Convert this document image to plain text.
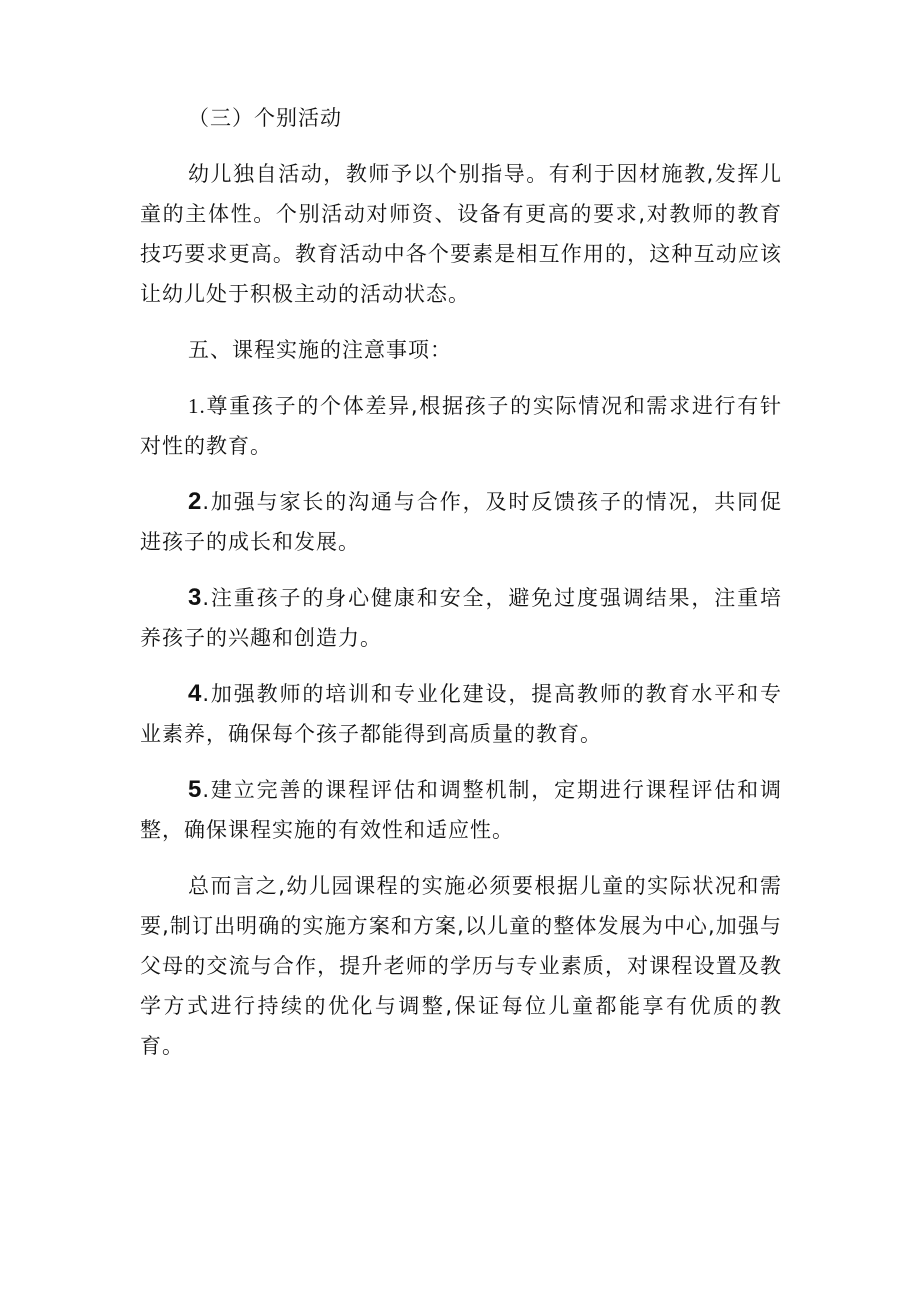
（三）个别活动

幼儿独自活动，教师予以个别指导。有利于因材施教,发挥儿童的主体性。个别活动对师资、设备有更高的要求,对教师的教育技巧要求更高。教育活动中各个要素是相互作用的，这种互动应该让幼儿处于积极主动的活动状态。

五、课程实施的注意事项：

1.尊重孩子的个体差异,根据孩子的实际情况和需求进行有针对性的教育。

2.加强与家长的沟通与合作，及时反馈孩子的情况，共同促进孩子的成长和发展。

3.注重孩子的身心健康和安全，避免过度强调结果，注重培养孩子的兴趣和创造力。

4.加强教师的培训和专业化建设，提高教师的教育水平和专业素养，确保每个孩子都能得到高质量的教育。

5.建立完善的课程评估和调整机制，定期进行课程评估和调整，确保课程实施的有效性和适应性。

总而言之,幼儿园课程的实施必须要根据儿童的实际状况和需要,制订出明确的实施方案和方案,以儿童的整体发展为中心,加强与父母的交流与合作，提升老师的学历与专业素质，对课程设置及教学方式进行持续的优化与调整,保证每位儿童都能享有优质的教育。
